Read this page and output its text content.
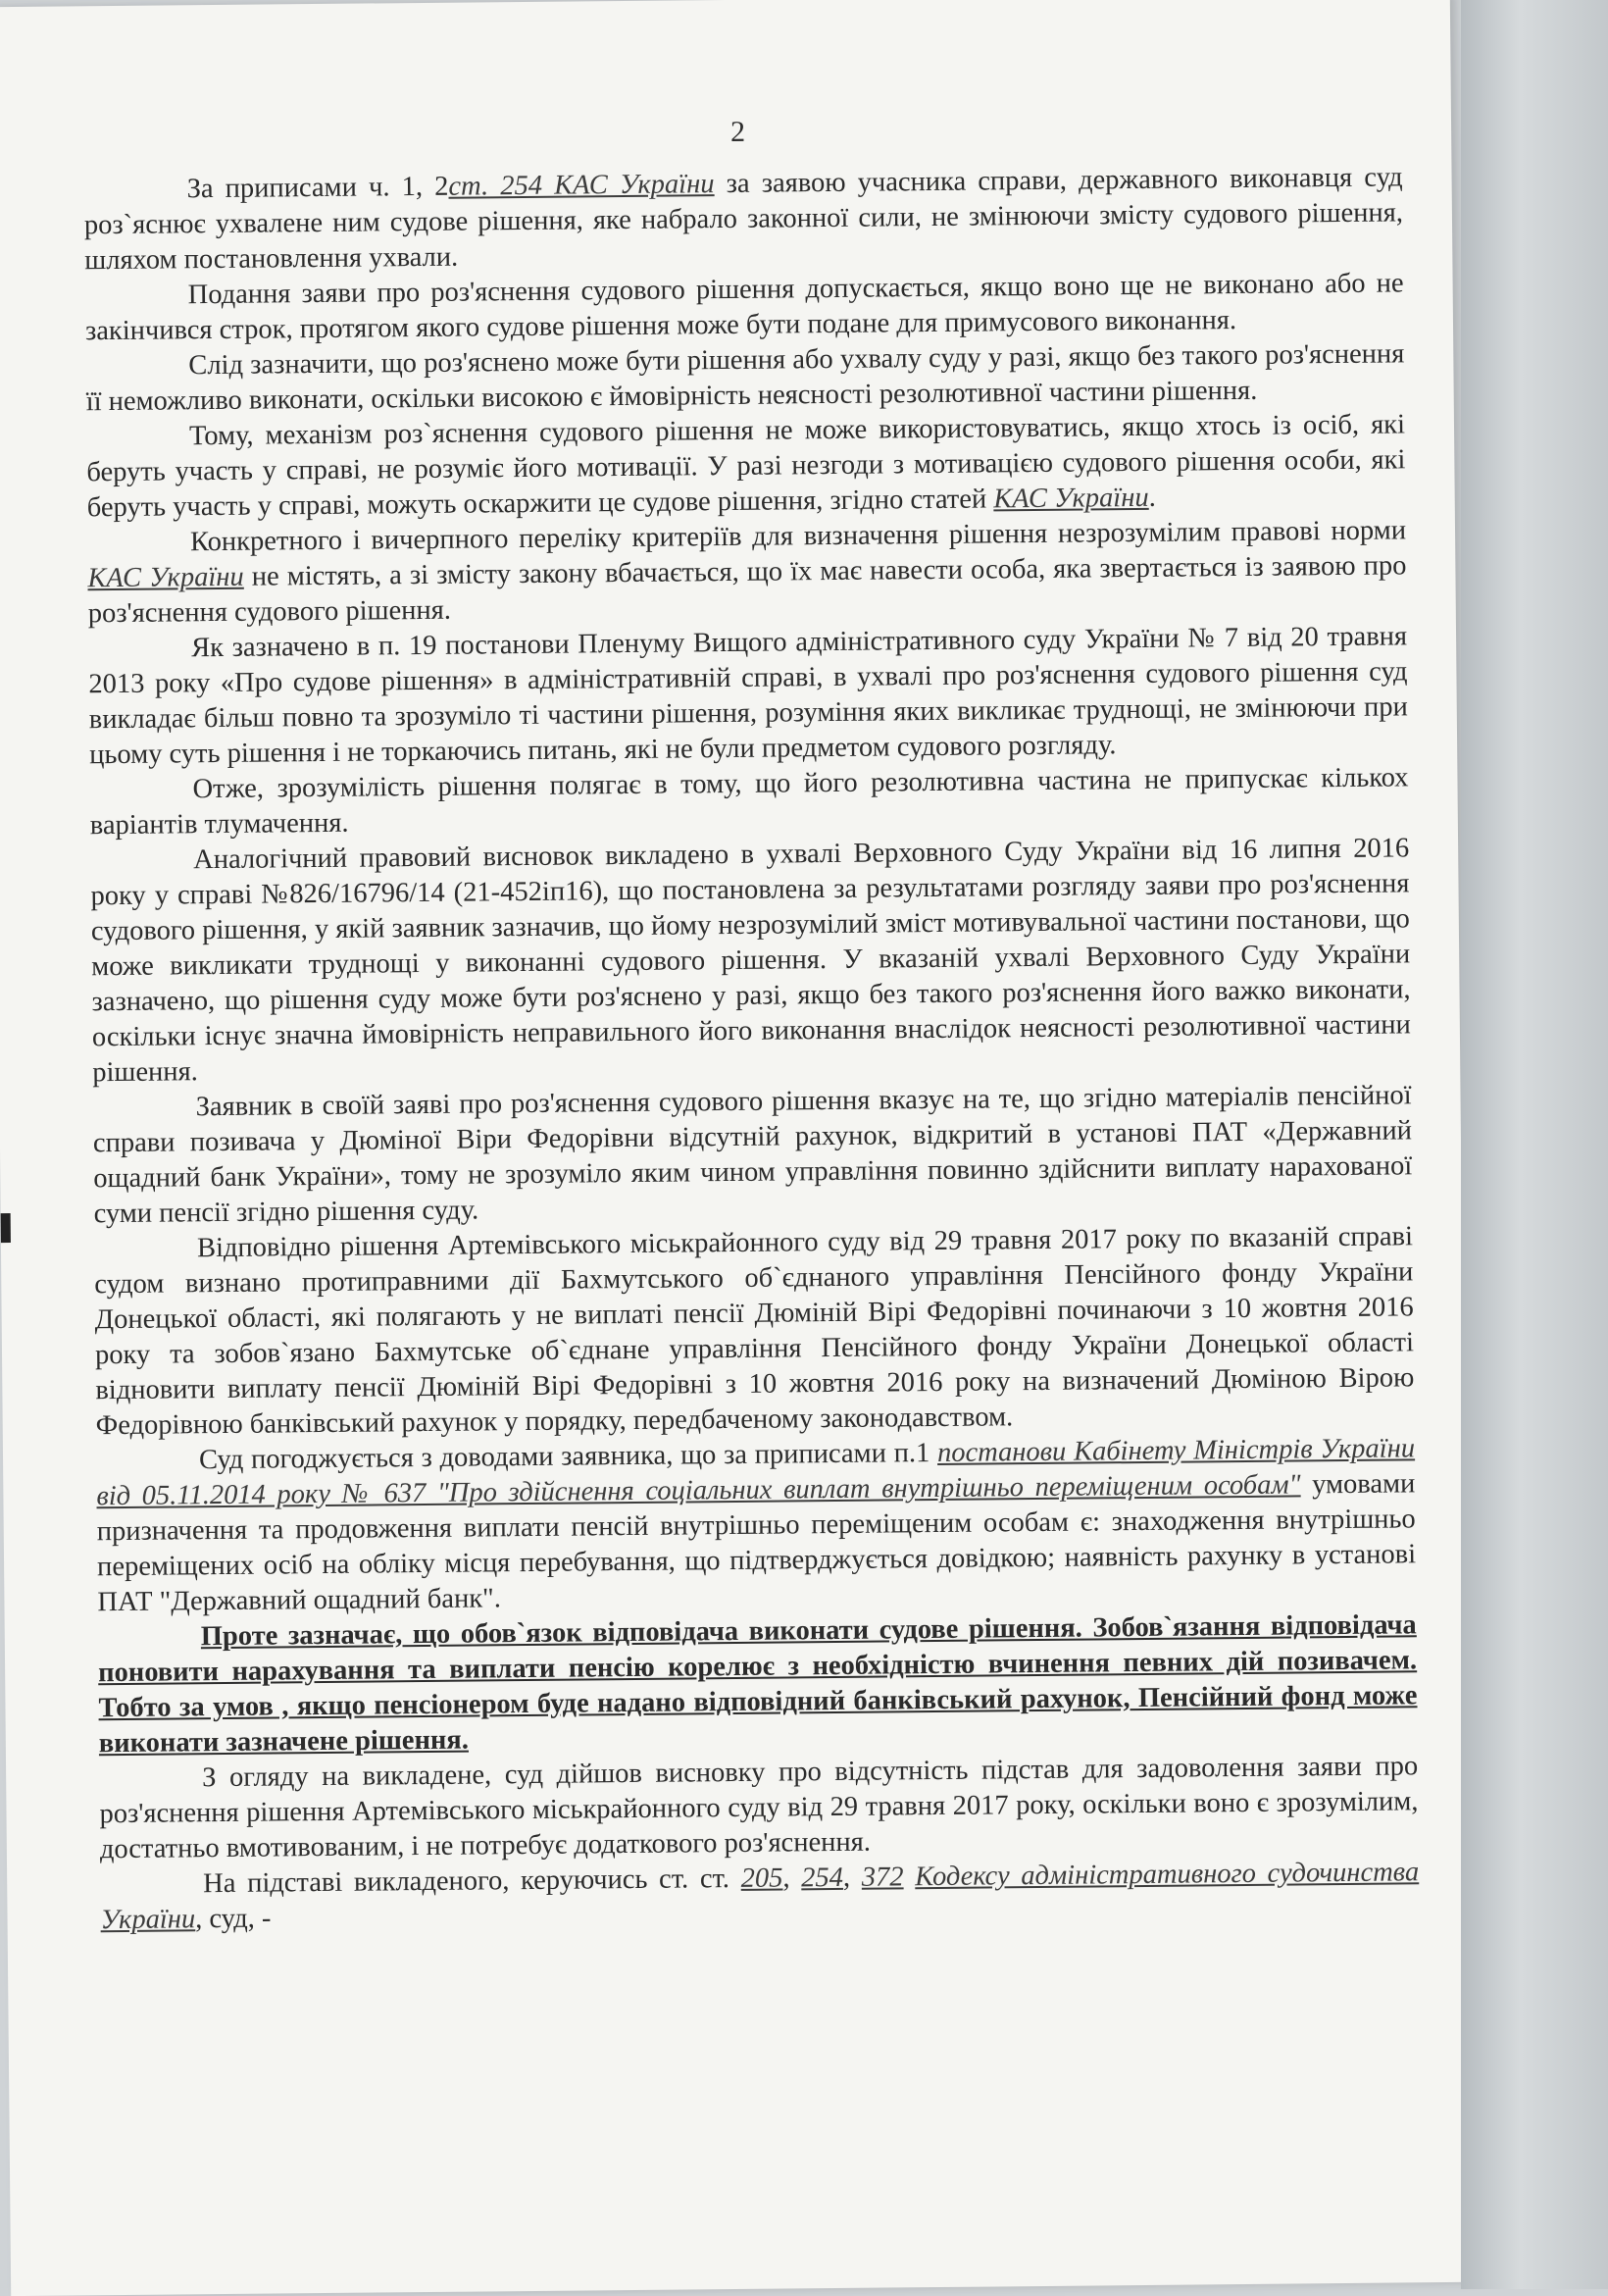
2

За приписами ч. 1, 2ст. 254 КАС України за заявою учасника справи, державного виконавця суд роз`яснює ухвалене ним судове рішення, яке набрало законної сили, не змінюючи змісту судового рішення, шляхом постановлення ухвали.

Подання заяви про роз'яснення судового рішення допускається, якщо воно ще не виконано або не закінчився строк, протягом якого судове рішення може бути подане для примусового виконання.

Слід зазначити, що роз'яснено може бути рішення або ухвалу суду у разі, якщо без такого роз'яснення її неможливо виконати, оскільки високою є ймовірність неясності резолютивної частини рішення.

Тому, механізм роз`яснення судового рішення не може використовуватись, якщо хтось із осіб, які беруть участь у справі, не розуміє його мотивації. У разі незгоди з мотивацією судового рішення особи, які беруть участь у справі, можуть оскаржити це судове рішення, згідно статей КАС України.

Конкретного і вичерпного переліку критеріїв для визначення рішення незрозумілим правові норми КАС України не містять, а зі змісту закону вбачається, що їх має навести особа, яка звертається із заявою про роз'яснення судового рішення.

Як зазначено в п. 19 постанови Пленуму Вищого адміністративного суду України № 7 від 20 травня 2013 року «Про судове рішення» в адміністративній справі, в ухвалі про роз'яснення судового рішення суд викладає більш повно та зрозуміло ті частини рішення, розуміння яких викликає труднощі, не змінюючи при цьому суть рішення і не торкаючись питань, які не були предметом судового розгляду.

Отже, зрозумілість рішення полягає в тому, що його резолютивна частина не припускає кількох варіантів тлумачення.

Аналогічний правовий висновок викладено в ухвалі Верховного Суду України від 16 липня 2016 року у справі №826/16796/14 (21-452іп16), що постановлена за результатами розгляду заяви про роз'яснення судового рішення, у якій заявник зазначив, що йому незрозумілий зміст мотивувальної частини постанови, що може викликати труднощі у виконанні судового рішення. У вказаній ухвалі Верховного Суду України зазначено, що рішення суду може бути роз'яснено у разі, якщо без такого роз'яснення його важко виконати, оскільки існує значна ймовірність неправильного його виконання внаслідок неясності резолютивної частини рішення.

Заявник в своїй заяві про роз'яснення судового рішення вказує на те, що згідно матеріалів пенсійної справи позивача у Дюміної Віри Федорівни відсутній рахунок, відкритий в установі ПАТ «Державний ощадний банк України», тому не зрозуміло яким чином управління повинно здійснити виплату нарахованої суми пенсії згідно рішення суду.

Відповідно рішення Артемівського міськрайонного суду від 29 травня 2017 року по вказаній справі судом визнано протиправними дії Бахмутського об`єднаного управління Пенсійного фонду України Донецької області, які полягають у не виплаті пенсії Дюміній Вірі Федорівні починаючи з 10 жовтня 2016 року та зобов`язано Бахмутське об`єднане управління Пенсійного фонду України Донецької області відновити виплату пенсії Дюміній Вірі Федорівні з 10 жовтня 2016 року на визначений Дюміною Вірою Федорівною банківський рахунок у порядку, передбаченому законодавством.

Суд погоджується з доводами заявника, що за приписами п.1 постанови Кабінету Міністрів України від 05.11.2014 року № 637 "Про здійснення соціальних виплат внутрішньо переміщеним особам" умовами призначення та продовження виплати пенсій внутрішньо переміщеним особам є: знаходження внутрішньо переміщених осіб на обліку місця перебування, що підтверджується довідкою; наявність рахунку в установі ПАТ "Державний ощадний банк".

Проте зазначає, що обов`язок відповідача виконати судове рішення. Зобов`язання відповідача поновити нарахування та виплати пенсію корелює з необхідністю вчинення певних дій позивачем. Тобто за умов , якщо пенсіонером буде надано відповідний банківський рахунок, Пенсійний фонд може виконати зазначене рішення.

З огляду на викладене, суд дійшов висновку про відсутність підстав для задоволення заяви про роз'яснення рішення Артемівського міськрайонного суду від 29 травня 2017 року, оскільки воно є зрозумілим, достатньо вмотивованим, і не потребує додаткового роз'яснення.

На підставі викладеного, керуючись ст. ст. 205, 254, 372 Кодексу адміністративного судочинства України, суд, -
